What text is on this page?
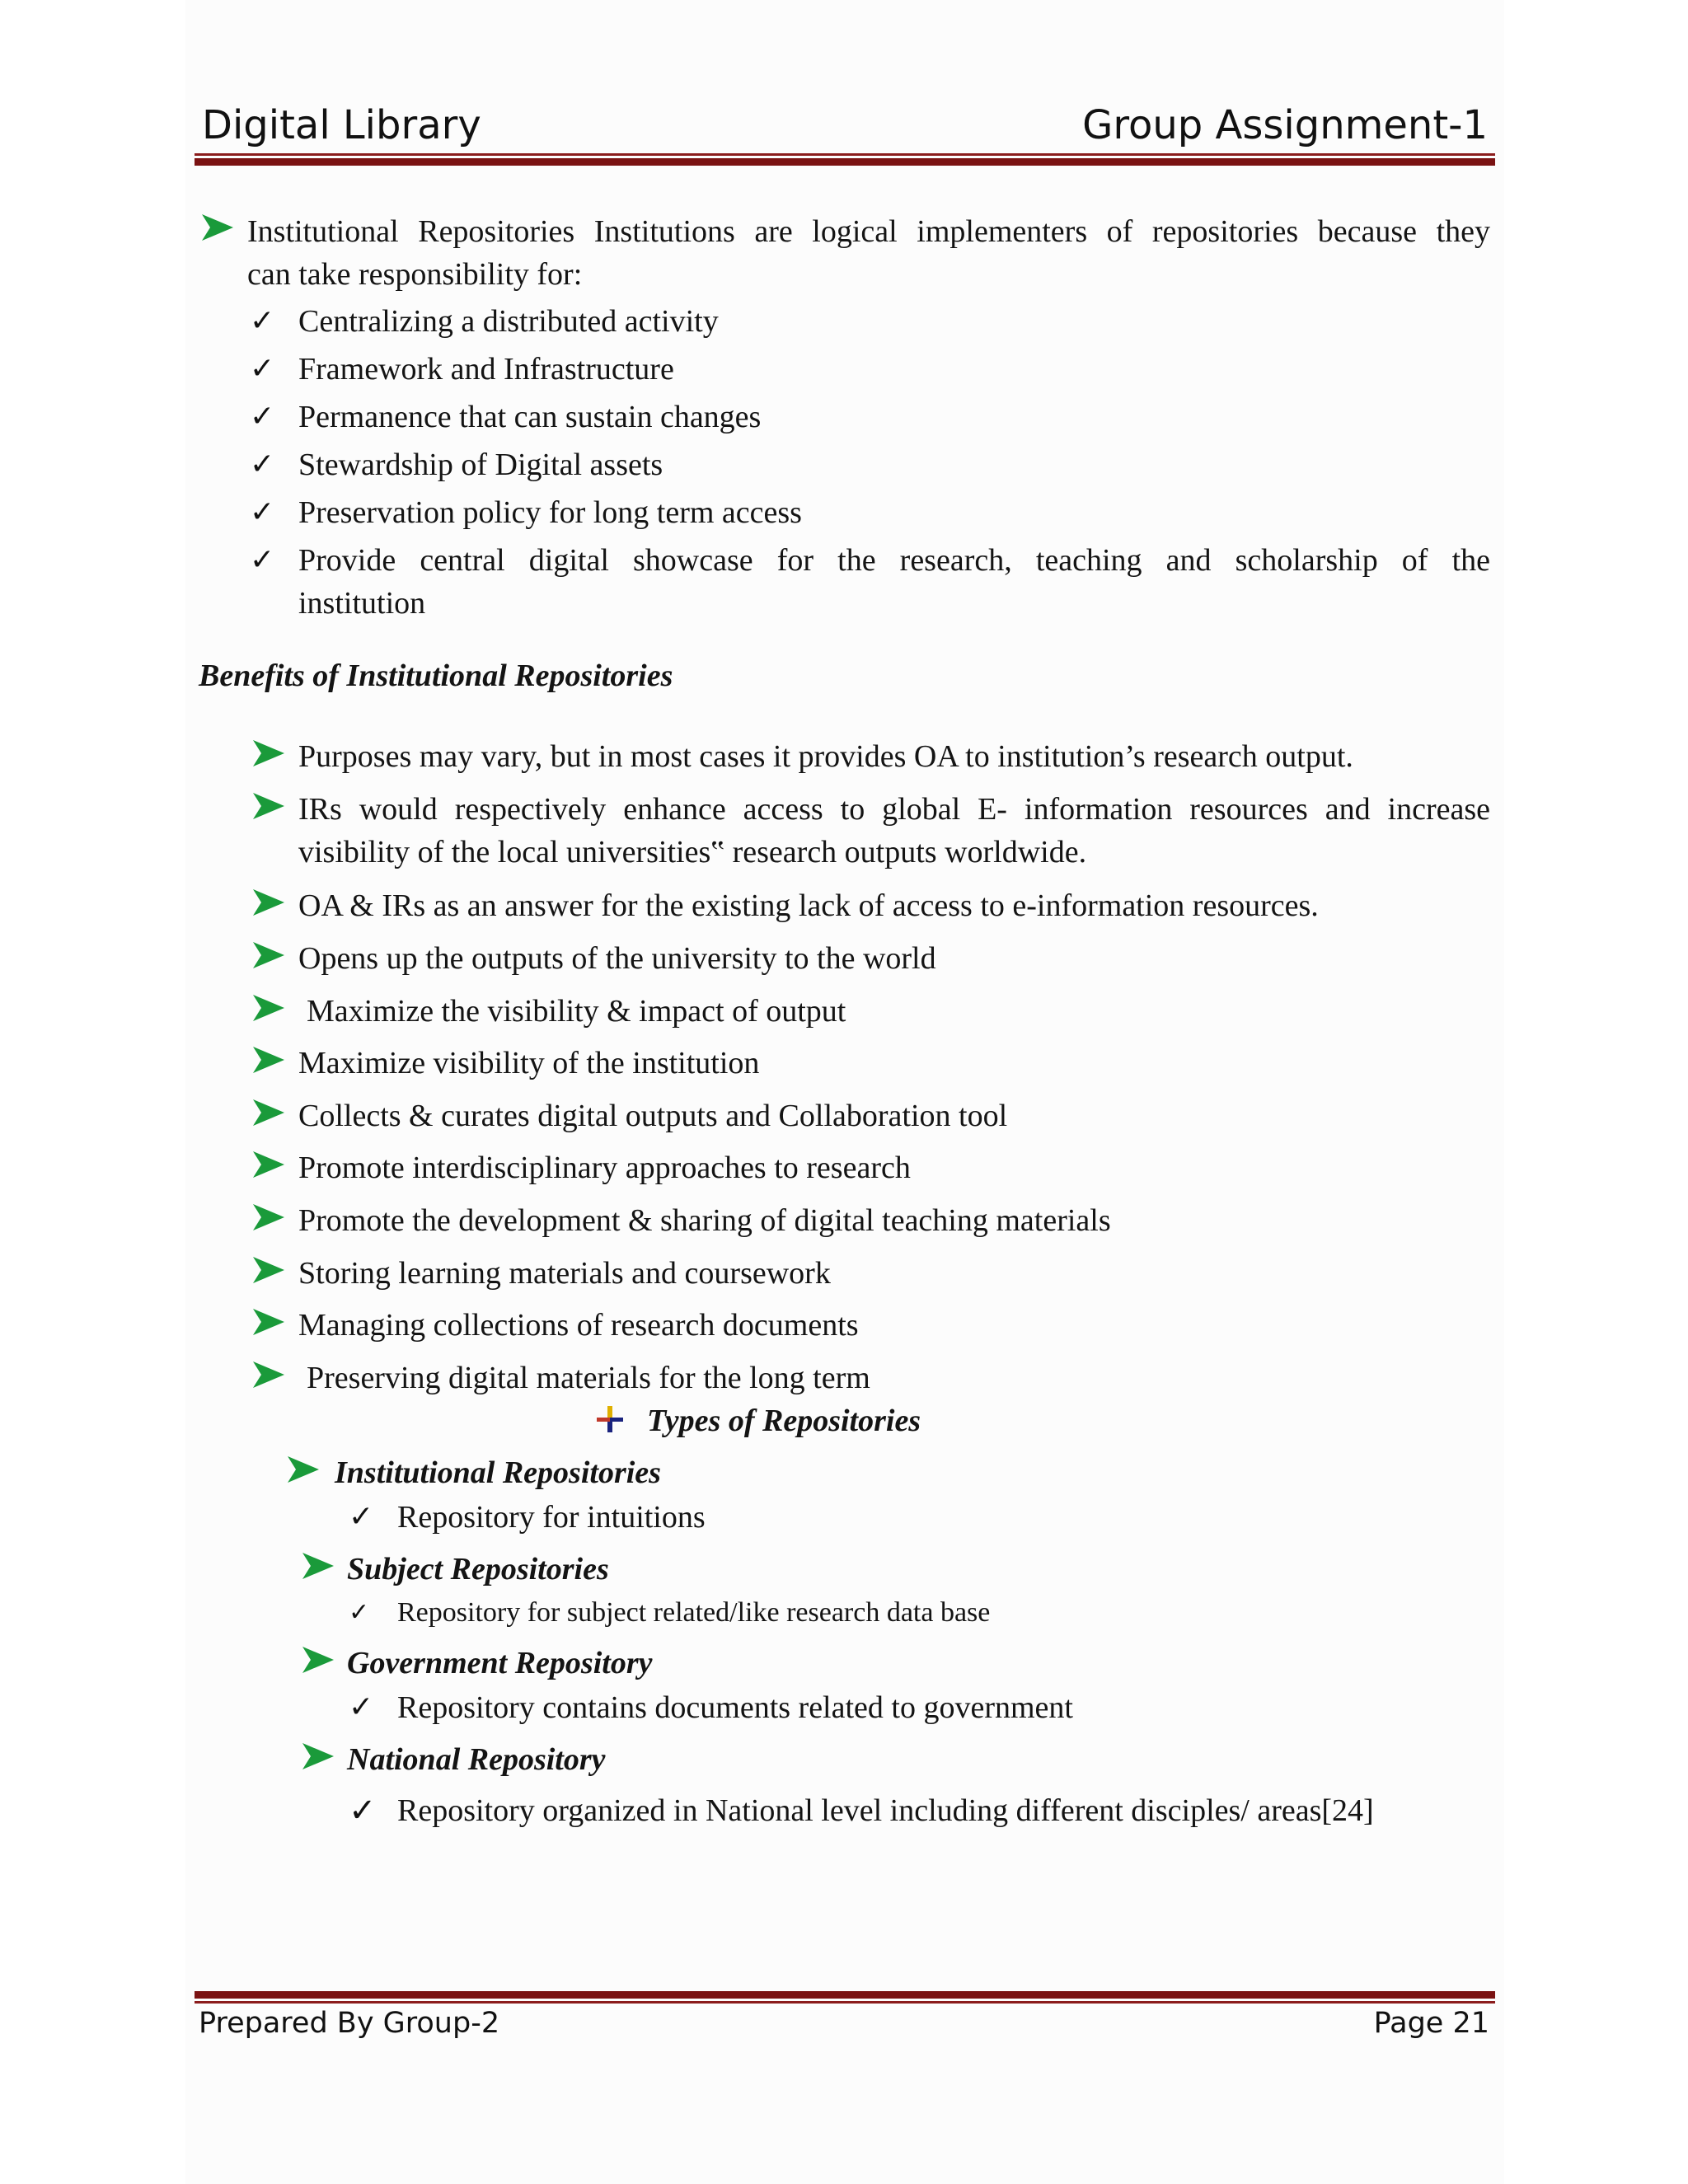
Digital Library	Group Assignment-1
Institutional Repositories Institutions are logical implementers of repositories because they
can take responsibility for:
✓ Centralizing a distributed activity
✓ Framework and Infrastructure
✓ Permanence that can sustain changes
✓ Stewardship of Digital assets
✓ Preservation policy for long term access
✓ Provide central digital showcase for the research, teaching and scholarship of the
institution
Benefits of Institutional Repositories
Purposes may vary, but in most cases it provides OA to institution’s research output.
IRs would respectively enhance access to global E- information resources and increase
visibility of the local universities‟ research outputs worldwide.
OA & IRs as an answer for the existing lack of access to e-information resources.
Opens up the outputs of the university to the world
Maximize the visibility & impact of output
Maximize visibility of the institution
Collects & curates digital outputs and Collaboration tool
Promote interdisciplinary approaches to research
Promote the development & sharing of digital teaching materials
Storing learning materials and coursework
Managing collections of research documents
Preserving digital materials for the long term
Types of Repositories
Institutional Repositories
✓ Repository for intuitions
Subject Repositories
✓ Repository for subject related/like research data base
Government Repository
✓ Repository contains documents related to government
National Repository
✓ Repository organized in National level including different disciples/ areas[24]
Prepared By Group-2	Page 21
